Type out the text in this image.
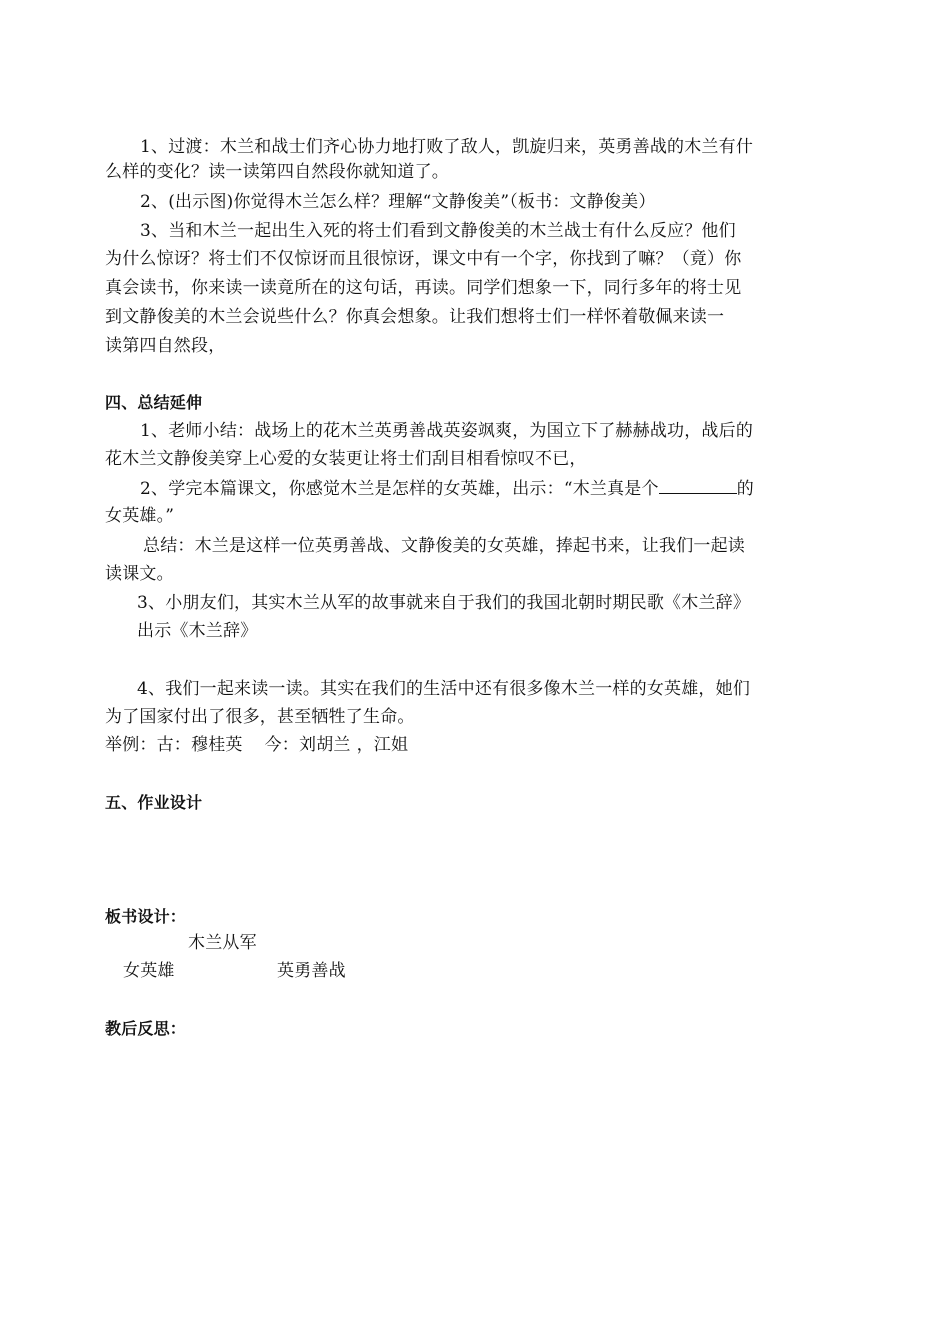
1、过渡：木兰和战士们齐心协力地打败了敌人，凯旋归来，英勇善战的木兰有什
么样的变化？读一读第四自然段你就知道了。
2、(出示图)你觉得木兰怎么样？理解“文静俊美”（板书：文静俊美）
3、当和木兰一起出生入死的将士们看到文静俊美的木兰战士有什么反应？他们
为什么惊讶？将士们不仅惊讶而且很惊讶，课文中有一个字，你找到了嘛？（竟）你
真会读书，你来读一读竟所在的这句话，再读。同学们想象一下，同行多年的将士见
到文静俊美的木兰会说些什么？你真会想象。让我们想将士们一样怀着敬佩来读一
读第四自然段，
四、总结延伸
1、老师小结：战场上的花木兰英勇善战英姿飒爽，为国立下了赫赫战功，战后的
花木兰文静俊美穿上心爱的女装更让将士们刮目相看惊叹不已，
2、学完本篇课文，你感觉木兰是怎样的女英雄，出示：“木兰真是个	的
女英雄。”
总结：木兰是这样一位英勇善战、文静俊美的女英雄，捧起书来，让我们一起读
读课文。
3、小朋友们，其实木兰从军的故事就来自于我们的我国北朝时期民歌《木兰辞》
出示《木兰辞》
4、我们一起来读一读。其实在我们的生活中还有很多像木兰一样的女英雄，她们
为了国家付出了很多，甚至牺牲了生命。
举例：古：穆桂英 今：刘胡兰 ，江姐
五、作业设计
板书设计：
木兰从军
女英雄	英勇善战
教后反思：
